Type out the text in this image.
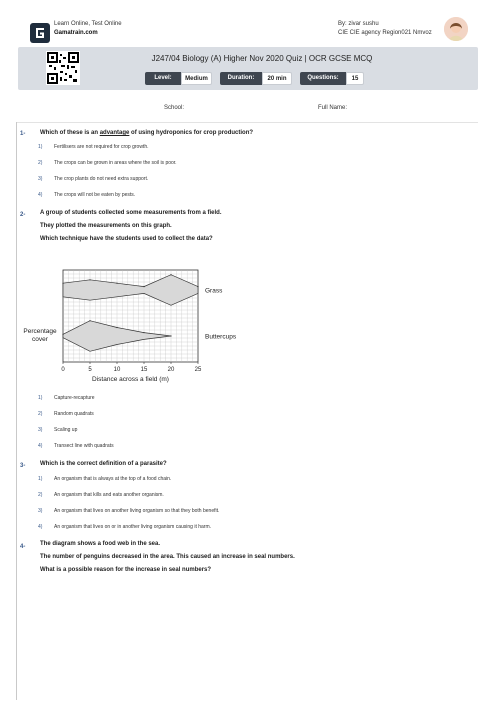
Learn Online, Test Online
Gamatrain.com
By: zivar sushu
CIE CIE agency Region021 Nmvoz
J247/04 Biology (A) Higher Nov 2020 Quiz | OCR GCSE MCQ
Level:	Medium	Duration:	20 min	Questions:	15
School:	Full Name:
1- Which of these is an advantage of using hydroponics for crop production?
1) Fertilisers are not required for crop growth.
2) The crops can be grown in areas where the soil is poor.
3) The crop plants do not need extra support.
4) The crops will not be eaten by pests.
2- A group of students collected some measurements from a field.
They plotted the measurements on this graph.
Which technique have the students used to collect the data?
Grass
Buttercups
0	5	10	15	20	25
Distance across a field (m)
Percentage
cover
1) Capture-recapture
2) Random quadrats
3) Scaling up
4) Transect line with quadrats
3- Which is the correct definition of a parasite?
1) An organism that is always at the top of a food chain.
2) An organism that kills and eats another organism.
3) An organism that lives on another living organism so that they both benefit.
4) An organism that lives on or in another living organism causing it harm.
4- The diagram shows a food web in the sea.
The number of penguins decreased in the area. This caused an increase in seal numbers.
What is a possible reason for the increase in seal numbers?
